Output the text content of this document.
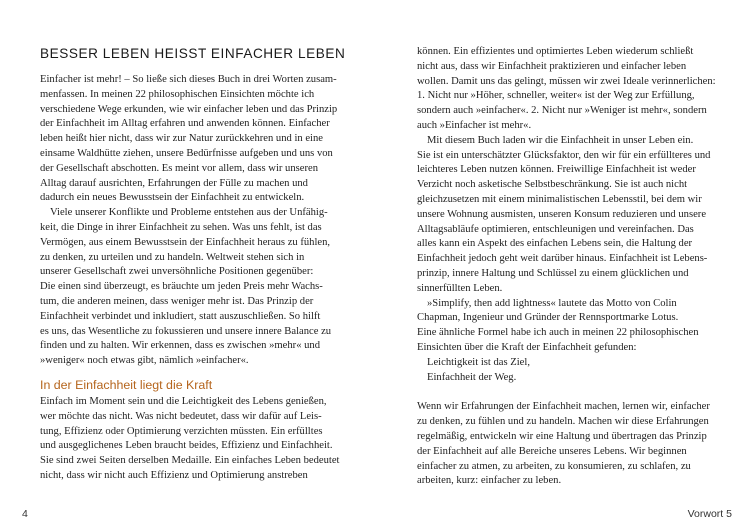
BESSER LEBEN HEISST EINFACHER LEBEN
Einfacher ist mehr! – So ließe sich dieses Buch in drei Worten zusam-
menfassen. In meinen 22 philosophischen Einsichten möchte ich
verschiedene Wege erkunden, wie wir einfacher leben und das Prinzip
der Einfachheit im Alltag erfahren und anwenden können. Einfacher
leben heißt hier nicht, dass wir zur Natur zurückkehren und in eine
einsame Waldhütte ziehen, unsere Bedürfnisse aufgeben und uns von
der Gesellschaft abschotten. Es meint vor allem, dass wir unseren
Alltag darauf ausrichten, Erfahrungen der Fülle zu machen und
dadurch ein neues Bewusstsein der Einfachheit zu entwickeln.
Viele unserer Konflikte und Probleme entstehen aus der Unfähig-
keit, die Dinge in ihrer Einfachheit zu sehen. Was uns fehlt, ist das
Vermögen, aus einem Bewusstsein der Einfachheit heraus zu fühlen,
zu denken, zu urteilen und zu handeln. Weltweit stehen sich in
unserer Gesellschaft zwei unversöhnliche Positionen gegenüber:
Die einen sind überzeugt, es bräuchte um jeden Preis mehr Wachs-
tum, die anderen meinen, dass weniger mehr ist. Das Prinzip der
Einfachheit verbindet und inkludiert, statt auszuschließen. So hilft
es uns, das Wesentliche zu fokussieren und unsere innere Balance zu
finden und zu halten. Wir erkennen, dass es zwischen »mehr« und
»weniger« noch etwas gibt, nämlich »einfacher«.
In der Einfachheit liegt die Kraft
Einfach im Moment sein und die Leichtigkeit des Lebens genießen,
wer möchte das nicht. Was nicht bedeutet, dass wir dafür auf Leis-
tung, Effizienz oder Optimierung verzichten müssten. Ein erfülltes
und ausgeglichenes Leben braucht beides, Effizienz und Einfachheit.
Sie sind zwei Seiten derselben Medaille. Ein einfaches Leben bedeutet
nicht, dass wir nicht auch Effizienz und Optimierung anstreben
4
können. Ein effizientes und optimiertes Leben wiederum schließt
nicht aus, dass wir Einfachheit praktizieren und einfacher leben
wollen. Damit uns das gelingt, müssen wir zwei Ideale verinnerlichen:
1. Nicht nur »Höher, schneller, weiter« ist der Weg zur Erfüllung,
sondern auch »einfacher«. 2. Nicht nur »Weniger ist mehr«, sondern
auch »Einfacher ist mehr«.
Mit diesem Buch laden wir die Einfachheit in unser Leben ein.
Sie ist ein unterschätzter Glücksfaktor, den wir für ein erfüllteres und
leichteres Leben nutzen können. Freiwillige Einfachheit ist weder
Verzicht noch asketische Selbstbeschränkung. Sie ist auch nicht
gleichzusetzen mit einem minimalistischen Lebensstil, bei dem wir
unsere Wohnung ausmisten, unseren Konsum reduzieren und unsere
Alltagsabläufe optimieren, entschleunigen und vereinfachen. Das
alles kann ein Aspekt des einfachen Lebens sein, die Haltung der
Einfachheit jedoch geht weit darüber hinaus. Einfachheit ist Lebens-
prinzip, innere Haltung und Schlüssel zu einem glücklichen und
sinnerfüllten Leben.
»Simplify, then add lightness« lautete das Motto von Colin
Chapman, Ingenieur und Gründer der Rennsportmarke Lotus.
Eine ähnliche Formel habe ich auch in meinen 22 philosophischen
Einsichten über die Kraft der Einfachheit gefunden:
Leichtigkeit ist das Ziel,
Einfachheit der Weg.
Wenn wir Erfahrungen der Einfachheit machen, lernen wir, einfacher
zu denken, zu fühlen und zu handeln. Machen wir diese Erfahrungen
regelmäßig, entwickeln wir eine Haltung und übertragen das Prinzip
der Einfachheit auf alle Bereiche unseres Lebens. Wir beginnen
einfacher zu atmen, zu arbeiten, zu konsumieren, zu schlafen, zu
arbeiten, kurz: einfacher zu leben.
Vorwort 5
